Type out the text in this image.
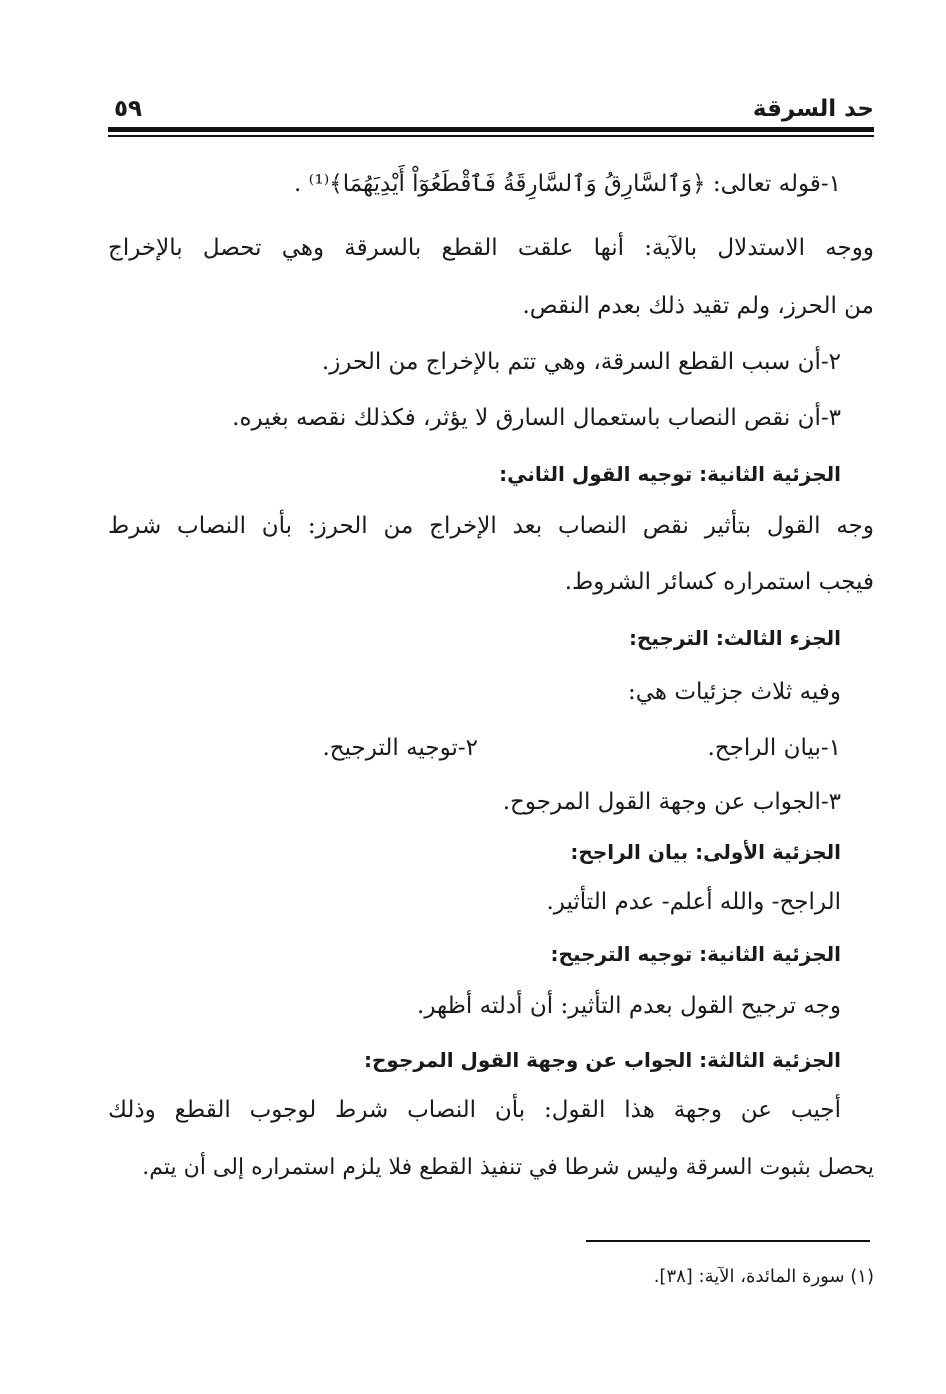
حد السرقة
٥٩
١-قوله تعالى: ﴿وَٱلسَّارِقُ وَٱلسَّارِقَةُ فَٱقْطَعُوٓاْ أَيْدِيَهُمَا﴾⁽¹⁾ .
ووجه الاستدلال بالآية: أنها علقت القطع بالسرقة وهي تحصل بالإخراج
من الحرز، ولم تقيد ذلك بعدم النقص.
٢-أن سبب القطع السرقة، وهي تتم بالإخراج من الحرز.
٣-أن نقص النصاب باستعمال السارق لا يؤثر، فكذلك نقصه بغيره.
الجزئية الثانية: توجيه القول الثاني:
وجه القول بتأثير نقص النصاب بعد الإخراج من الحرز: بأن النصاب شرط
فيجب استمراره كسائر الشروط.
الجزء الثالث: الترجيح:
وفيه ثلاث جزئيات هي:
١-بيان الراجح.
٢-توجيه الترجيح.
٣-الجواب عن وجهة القول المرجوح.
الجزئية الأولى: بيان الراجح:
الراجح- والله أعلم- عدم التأثير.
الجزئية الثانية: توجيه الترجيح:
وجه ترجيح القول بعدم التأثير: أن أدلته أظهر.
الجزئية الثالثة: الجواب عن وجهة القول المرجوح:
أجيب عن وجهة هذا القول: بأن النصاب شرط لوجوب القطع وذلك
يحصل بثبوت السرقة وليس شرطا في تنفيذ القطع فلا يلزم استمراره إلى أن يتم.
(١) سورة المائدة، الآية: [٣٨].
